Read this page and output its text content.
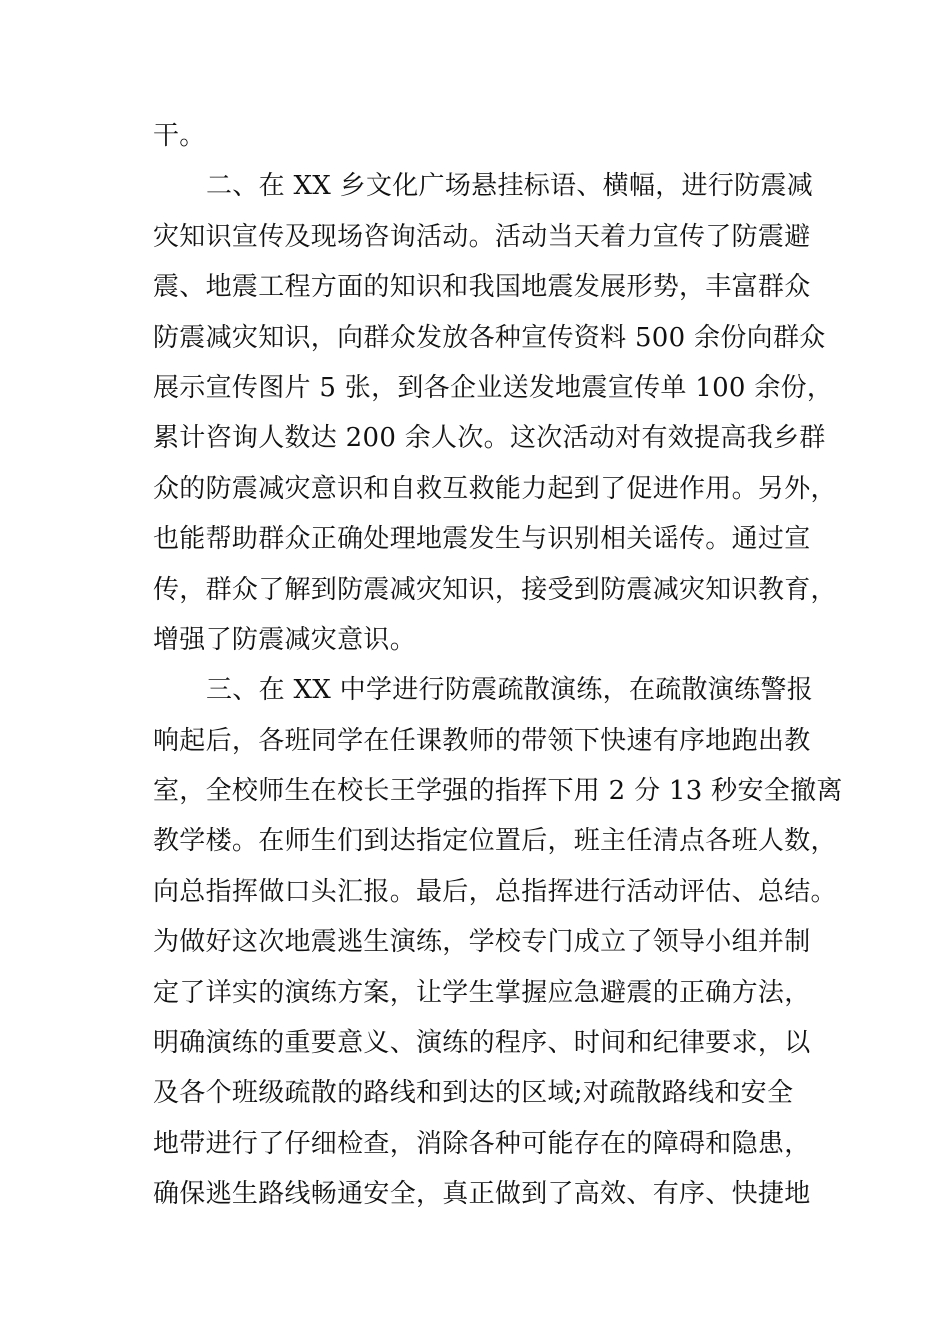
干。
二、在 XX 乡文化广场悬挂标语、横幅，进行防震减
灾知识宣传及现场咨询活动。活动当天着力宣传了防震避
震、地震工程方面的知识和我国地震发展形势，丰富群众
防震减灾知识，向群众发放各种宣传资料 500 余份向群众
展示宣传图片 5 张，到各企业送发地震宣传单 100 余份，
累计咨询人数达 200 余人次。这次活动对有效提高我乡群
众的防震减灾意识和自救互救能力起到了促进作用。另外，
也能帮助群众正确处理地震发生与识别相关谣传。通过宣
传，群众了解到防震减灾知识，接受到防震减灾知识教育，
增强了防震减灾意识。
三、在 XX 中学进行防震疏散演练，在疏散演练警报
响起后，各班同学在任课教师的带领下快速有序地跑出教
室，全校师生在校长王学强的指挥下用 2 分 13 秒安全撤离
教学楼。在师生们到达指定位置后，班主任清点各班人数，
向总指挥做口头汇报。最后，总指挥进行活动评估、总结。
为做好这次地震逃生演练，学校专门成立了领导小组并制
定了详实的演练方案，让学生掌握应急避震的正确方法，
明确演练的重要意义、演练的程序、时间和纪律要求，以
及各个班级疏散的路线和到达的区域;对疏散路线和安全
地带进行了仔细检查，消除各种可能存在的障碍和隐患，
确保逃生路线畅通安全，真正做到了高效、有序、快捷地
